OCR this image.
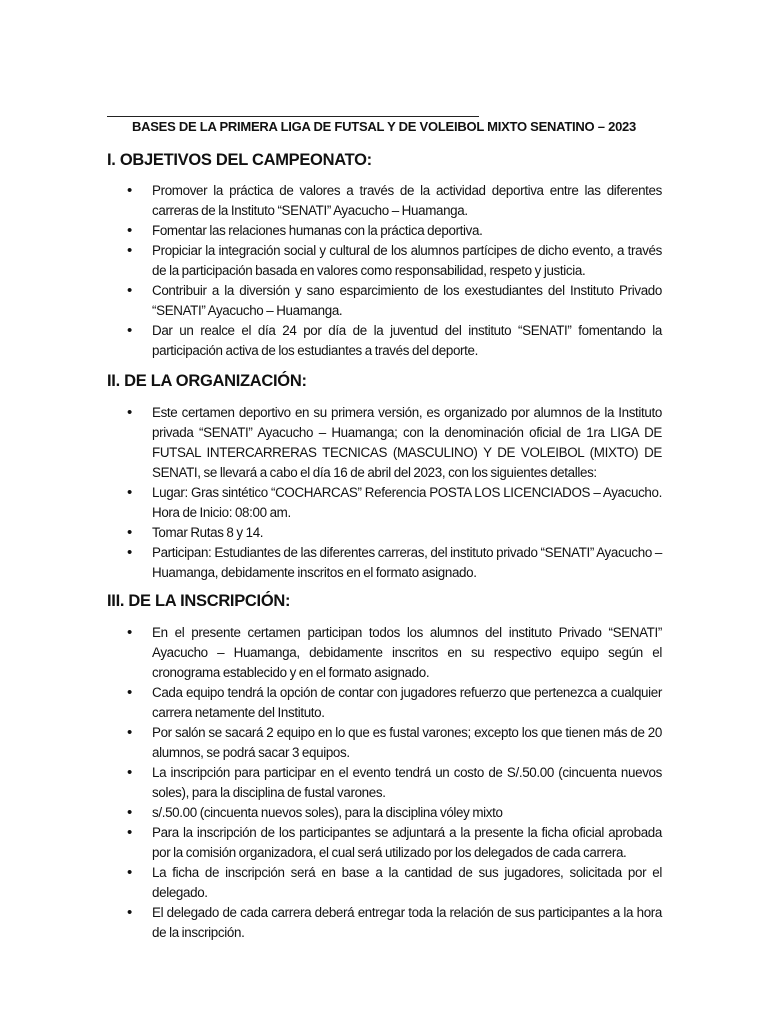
BASES DE LA PRIMERA LIGA DE FUTSAL Y DE VOLEIBOL MIXTO SENATINO – 2023
I. OBJETIVOS DEL CAMPEONATO:
• Promover la práctica de valores a través de la actividad deportiva entre las diferentes carreras de la Instituto “SENATI” Ayacucho – Huamanga.
• Fomentar las relaciones humanas con la práctica deportiva.
• Propiciar la integración social y cultural de los alumnos partícipes de dicho evento, a través de la participación basada en valores como responsabilidad, respeto y justicia.
• Contribuir a la diversión y sano esparcimiento de los exestudiantes del Instituto Privado “SENATI” Ayacucho – Huamanga.
• Dar un realce el día 24 por día de la juventud del instituto “SENATI” fomentando la participación activa de los estudiantes a través del deporte.
II. DE LA ORGANIZACIÓN:
• Este certamen deportivo en su primera versión, es organizado por alumnos de la Instituto privada “SENATI” Ayacucho – Huamanga; con la denominación oficial de 1ra LIGA DE FUTSAL INTERCARRERAS TECNICAS (MASCULINO) Y DE VOLEIBOL (MIXTO) DE SENATI, se llevará a cabo el día 16 de abril del 2023, con los siguientes detalles:
• Lugar: Gras sintético “COCHARCAS” Referencia POSTA LOS LICENCIADOS – Ayacucho. Hora de Inicio: 08:00 am.
• Tomar Rutas 8 y 14.
• Participan: Estudiantes de las diferentes carreras, del instituto privado “SENATI” Ayacucho – Huamanga, debidamente inscritos en el formato asignado.
III. DE LA INSCRIPCIÓN:
• En el presente certamen participan todos los alumnos del instituto Privado “SENATI” Ayacucho – Huamanga, debidamente inscritos en su respectivo equipo según el cronograma establecido y en el formato asignado.
• Cada equipo tendrá la opción de contar con jugadores refuerzo que pertenezca a cualquier carrera netamente del Instituto.
• Por salón se sacará 2 equipo en lo que es fustal varones; excepto los que tienen más de 20 alumnos, se podrá sacar 3 equipos.
• La inscripción para participar en el evento tendrá un costo de S/.50.00 (cincuenta nuevos soles), para la disciplina de fustal varones.
• s/.50.00 (cincuenta nuevos soles), para la disciplina vóley mixto
• Para la inscripción de los participantes se adjuntará a la presente la ficha oficial aprobada por la comisión organizadora, el cual será utilizado por los delegados de cada carrera.
• La ficha de inscripción será en base a la cantidad de sus jugadores, solicitada por el delegado.
• El delegado de cada carrera deberá entregar toda la relación de sus participantes a la hora de la inscripción.
